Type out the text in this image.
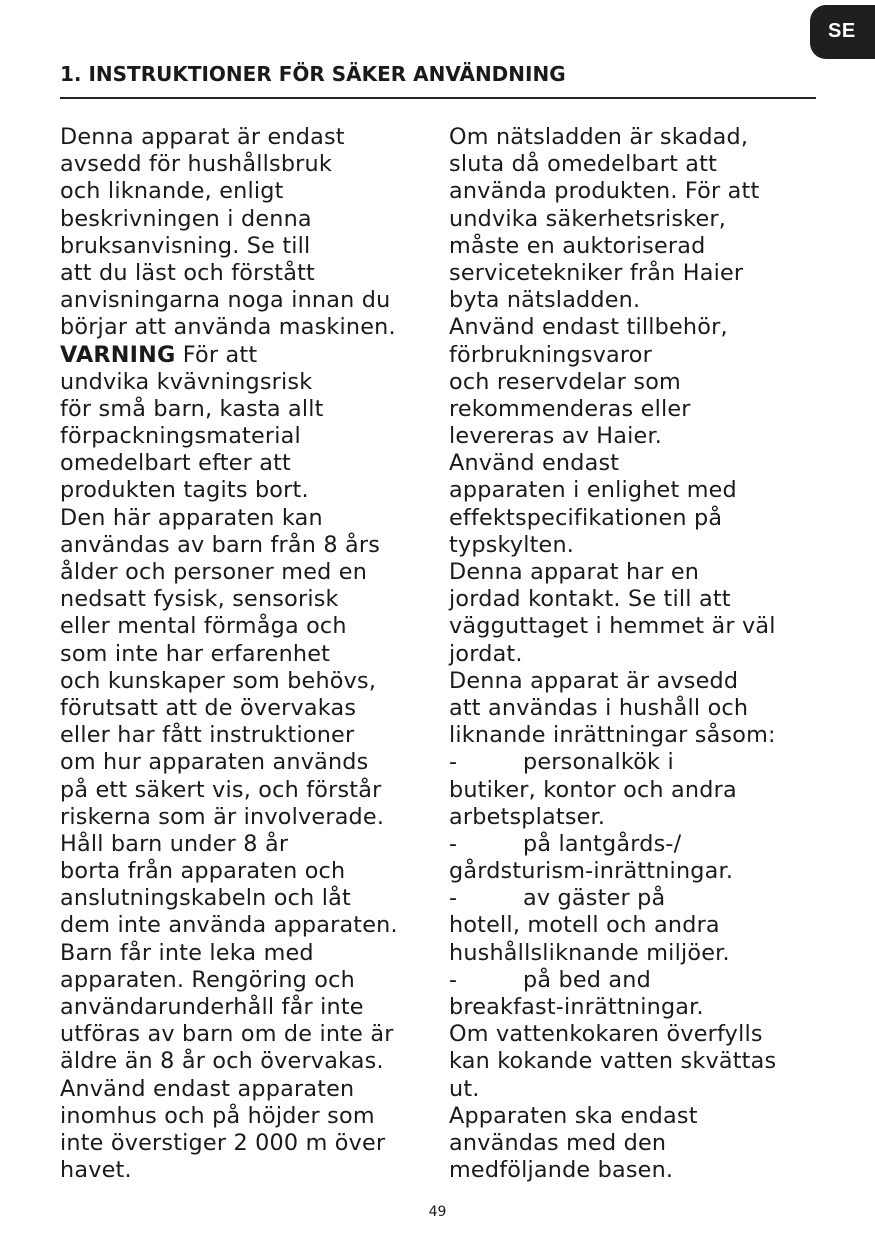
SE
1. INSTRUKTIONER FÖR SÄKER ANVÄNDNING
Denna apparat är endast
avsedd för hushållsbruk
och liknande, enligt
beskrivningen i denna
bruksanvisning. Se till
att du läst och förstått
anvisningarna noga innan du
börjar att använda maskinen.
VARNING För att
undvika kvävningsrisk
för små barn, kasta allt
förpackningsmaterial
omedelbart efter att
produkten tagits bort.
Den här apparaten kan
användas av barn från 8 års
ålder och personer med en
nedsatt fysisk, sensorisk
eller mental förmåga och
som inte har erfarenhet
och kunskaper som behövs,
förutsatt att de övervakas
eller har fått instruktioner
om hur apparaten används
på ett säkert vis, och förstår
riskerna som är involverade.
Håll barn under 8 år
borta från apparaten och
anslutningskabeln och låt
dem inte använda apparaten.
Barn får inte leka med
apparaten. Rengöring och
användarunderhåll får inte
utföras av barn om de inte är
äldre än 8 år och övervakas.
Använd endast apparaten
inomhus och på höjder som
inte överstiger 2 000 m över
havet.
Om nätsladden är skadad,
sluta då omedelbart att
använda produkten. För att
undvika säkerhetsrisker,
måste en auktoriserad
servicetekniker från Haier
byta nätsladden.
Använd endast tillbehör,
förbrukningsvaror
och reservdelar som
rekommenderas eller
levereras av Haier.
Använd endast
apparaten i enlighet med
effektspecifikationen på
typskylten.
Denna apparat har en
jordad kontakt. Se till att
vägguttaget i hemmet är väl
jordat.
Denna apparat är avsedd
att användas i hushåll och
liknande inrättningar såsom:
-	personalkök i
butiker, kontor och andra
arbetsplatser.
-	på lantgårds-/
gårdsturism-inrättningar.
-	av gäster på
hotell, motell och andra
hushållsliknande miljöer.
-	på bed and
breakfast-inrättningar.
Om vattenkokaren överfylls
kan kokande vatten skvättas
ut.
Apparaten ska endast
användas med den
medföljande basen.
49
